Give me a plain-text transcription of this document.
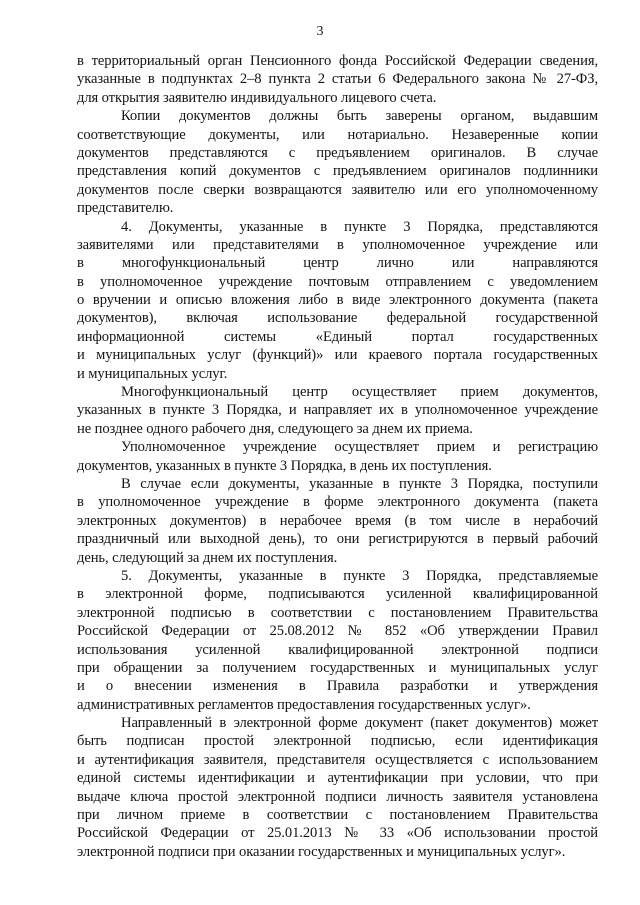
3
в территориальный орган Пенсионного фонда Российской Федерации сведения,
указанные в подпунктах 2–8 пункта 2 статьи 6 Федерального закона № 27-ФЗ,
для открытия заявителю индивидуального лицевого счета.
Копии документов должны быть заверены органом, выдавшим
соответствующие документы, или нотариально. Незаверенные копии
документов представляются с предъявлением оригиналов. В случае
представления копий документов с предъявлением оригиналов подлинники
документов после сверки возвращаются заявителю или его уполномоченному
представителю.
4. Документы, указанные в пункте 3 Порядка, представляются
заявителями или представителями в уполномоченное учреждение или
в многофункциональный центр лично или направляются
в уполномоченное учреждение почтовым отправлением с уведомлением
о вручении и описью вложения либо в виде электронного документа (пакета
документов), включая использование федеральной государственной
информационной системы «Единый портал государственных
и муниципальных услуг (функций)» или краевого портала государственных
и муниципальных услуг.
Многофункциональный центр осуществляет прием документов,
указанных в пункте 3 Порядка, и направляет их в уполномоченное учреждение
не позднее одного рабочего дня, следующего за днем их приема.
Уполномоченное учреждение осуществляет прием и регистрацию
документов, указанных в пункте 3 Порядка, в день их поступления.
В случае если документы, указанные в пункте 3 Порядка, поступили
в уполномоченное учреждение в форме электронного документа (пакета
электронных документов) в нерабочее время (в том числе в нерабочий
праздничный или выходной день), то они регистрируются в первый рабочий
день, следующий за днем их поступления.
5. Документы, указанные в пункте 3 Порядка, представляемые
в электронной форме, подписываются усиленной квалифицированной
электронной подписью в соответствии с постановлением Правительства
Российской Федерации от 25.08.2012 № 852 «Об утверждении Правил
использования усиленной квалифицированной электронной подписи
при обращении за получением государственных и муниципальных услуг
и о внесении изменения в Правила разработки и утверждения
административных регламентов предоставления государственных услуг».
Направленный в электронной форме документ (пакет документов) может
быть подписан простой электронной подписью, если идентификация
и аутентификация заявителя, представителя осуществляется с использованием
единой системы идентификации и аутентификации при условии, что при
выдаче ключа простой электронной подписи личность заявителя установлена
при личном приеме в соответствии с постановлением Правительства
Российской Федерации от 25.01.2013 № 33 «Об использовании простой
электронной подписи при оказании государственных и муниципальных услуг».
